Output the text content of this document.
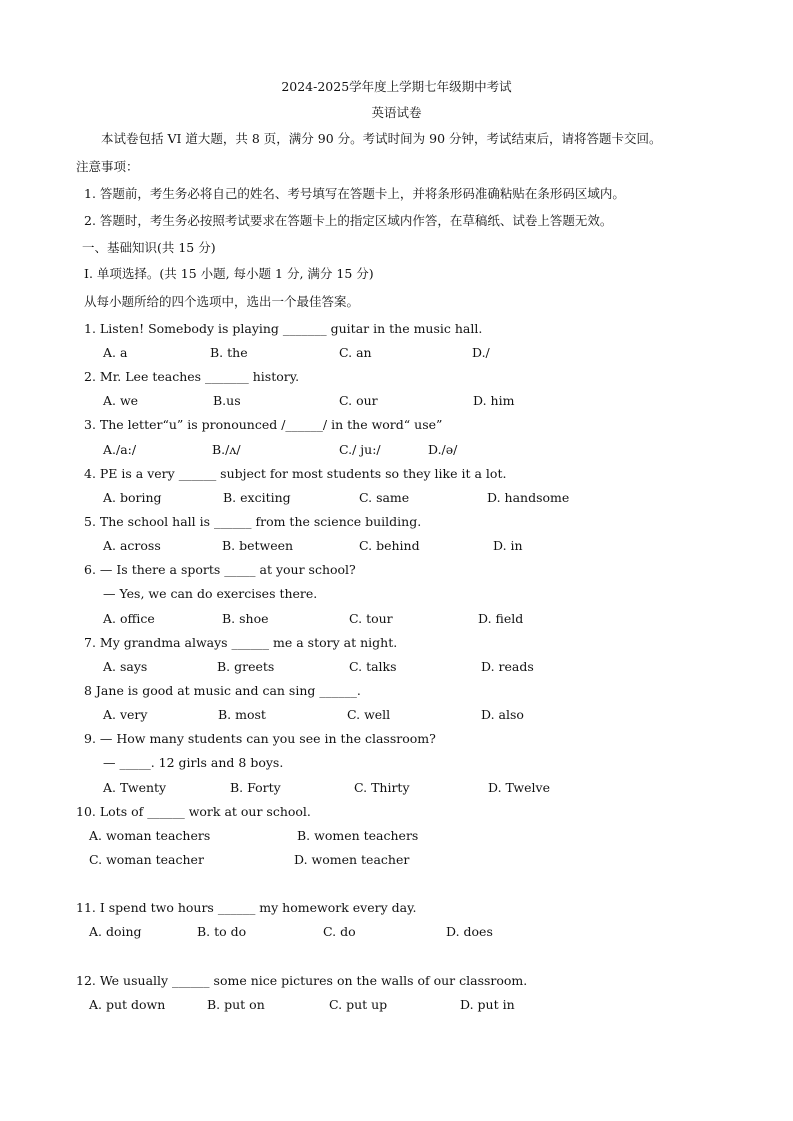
2024-2025学年度上学期七年级期中考试
英语试卷
本试卷包括 VI 道大题，共 8 页，满分 90 分。考试时间为 90 分钟，考试结束后，请将答题卡交回。
注意事项：
1. 答题前，考生务必将自己的姓名、考号填写在答题卡上，并将条形码准确粘贴在条形码区域内。
2. 答题时，考生务必按照考试要求在答题卡上的指定区域内作答，在草稿纸、试卷上答题无效。
一、基础知识(共 15 分)
Ⅰ. 单项选择。(共 15 小题, 每小题 1 分, 满分 15 分)
从每小题所给的四个选项中，选出一个最佳答案。
1. Listen! Somebody is playing _______ guitar in the music hall.
A. a	B. the	C. an	D./
2. Mr. Lee teaches _______ history.
A. we	B.us	C. our	D. him
3. The letter“u” is pronounced /______/ in the word“ use”
A./a:/	B./ʌ/	C./ ju:/	D./ə/
4. PE is a very ______ subject for most students so they like it a lot.
A. boring	B. exciting	C. same	D. handsome
5. The school hall is ______ from the science building.
A. across	B. between	C. behind	D. in
6. — Is there a sports _____ at your school?
— Yes, we can do exercises there.
A. office	B. shoe	C. tour	D. field
7. My grandma always ______ me a story at night.
A. says	B. greets	C. talks	D. reads
8 Jane is good at music and can sing ______.
A. very	B. most	C. well	D. also
9. — How many students can you see in the classroom?
— _____. 12 girls and 8 boys.
A. Twenty	B. Forty	C. Thirty	D. Twelve
10. Lots of ______ work at our school.
A. woman teachers	B. women teachers
C. woman teacher	D. women teacher
11. I spend two hours ______ my homework every day.
A. doing	B. to do	C. do	D. does
12. We usually ______ some nice pictures on the walls of our classroom.
A. put down	B. put on	C. put up	D. put in
